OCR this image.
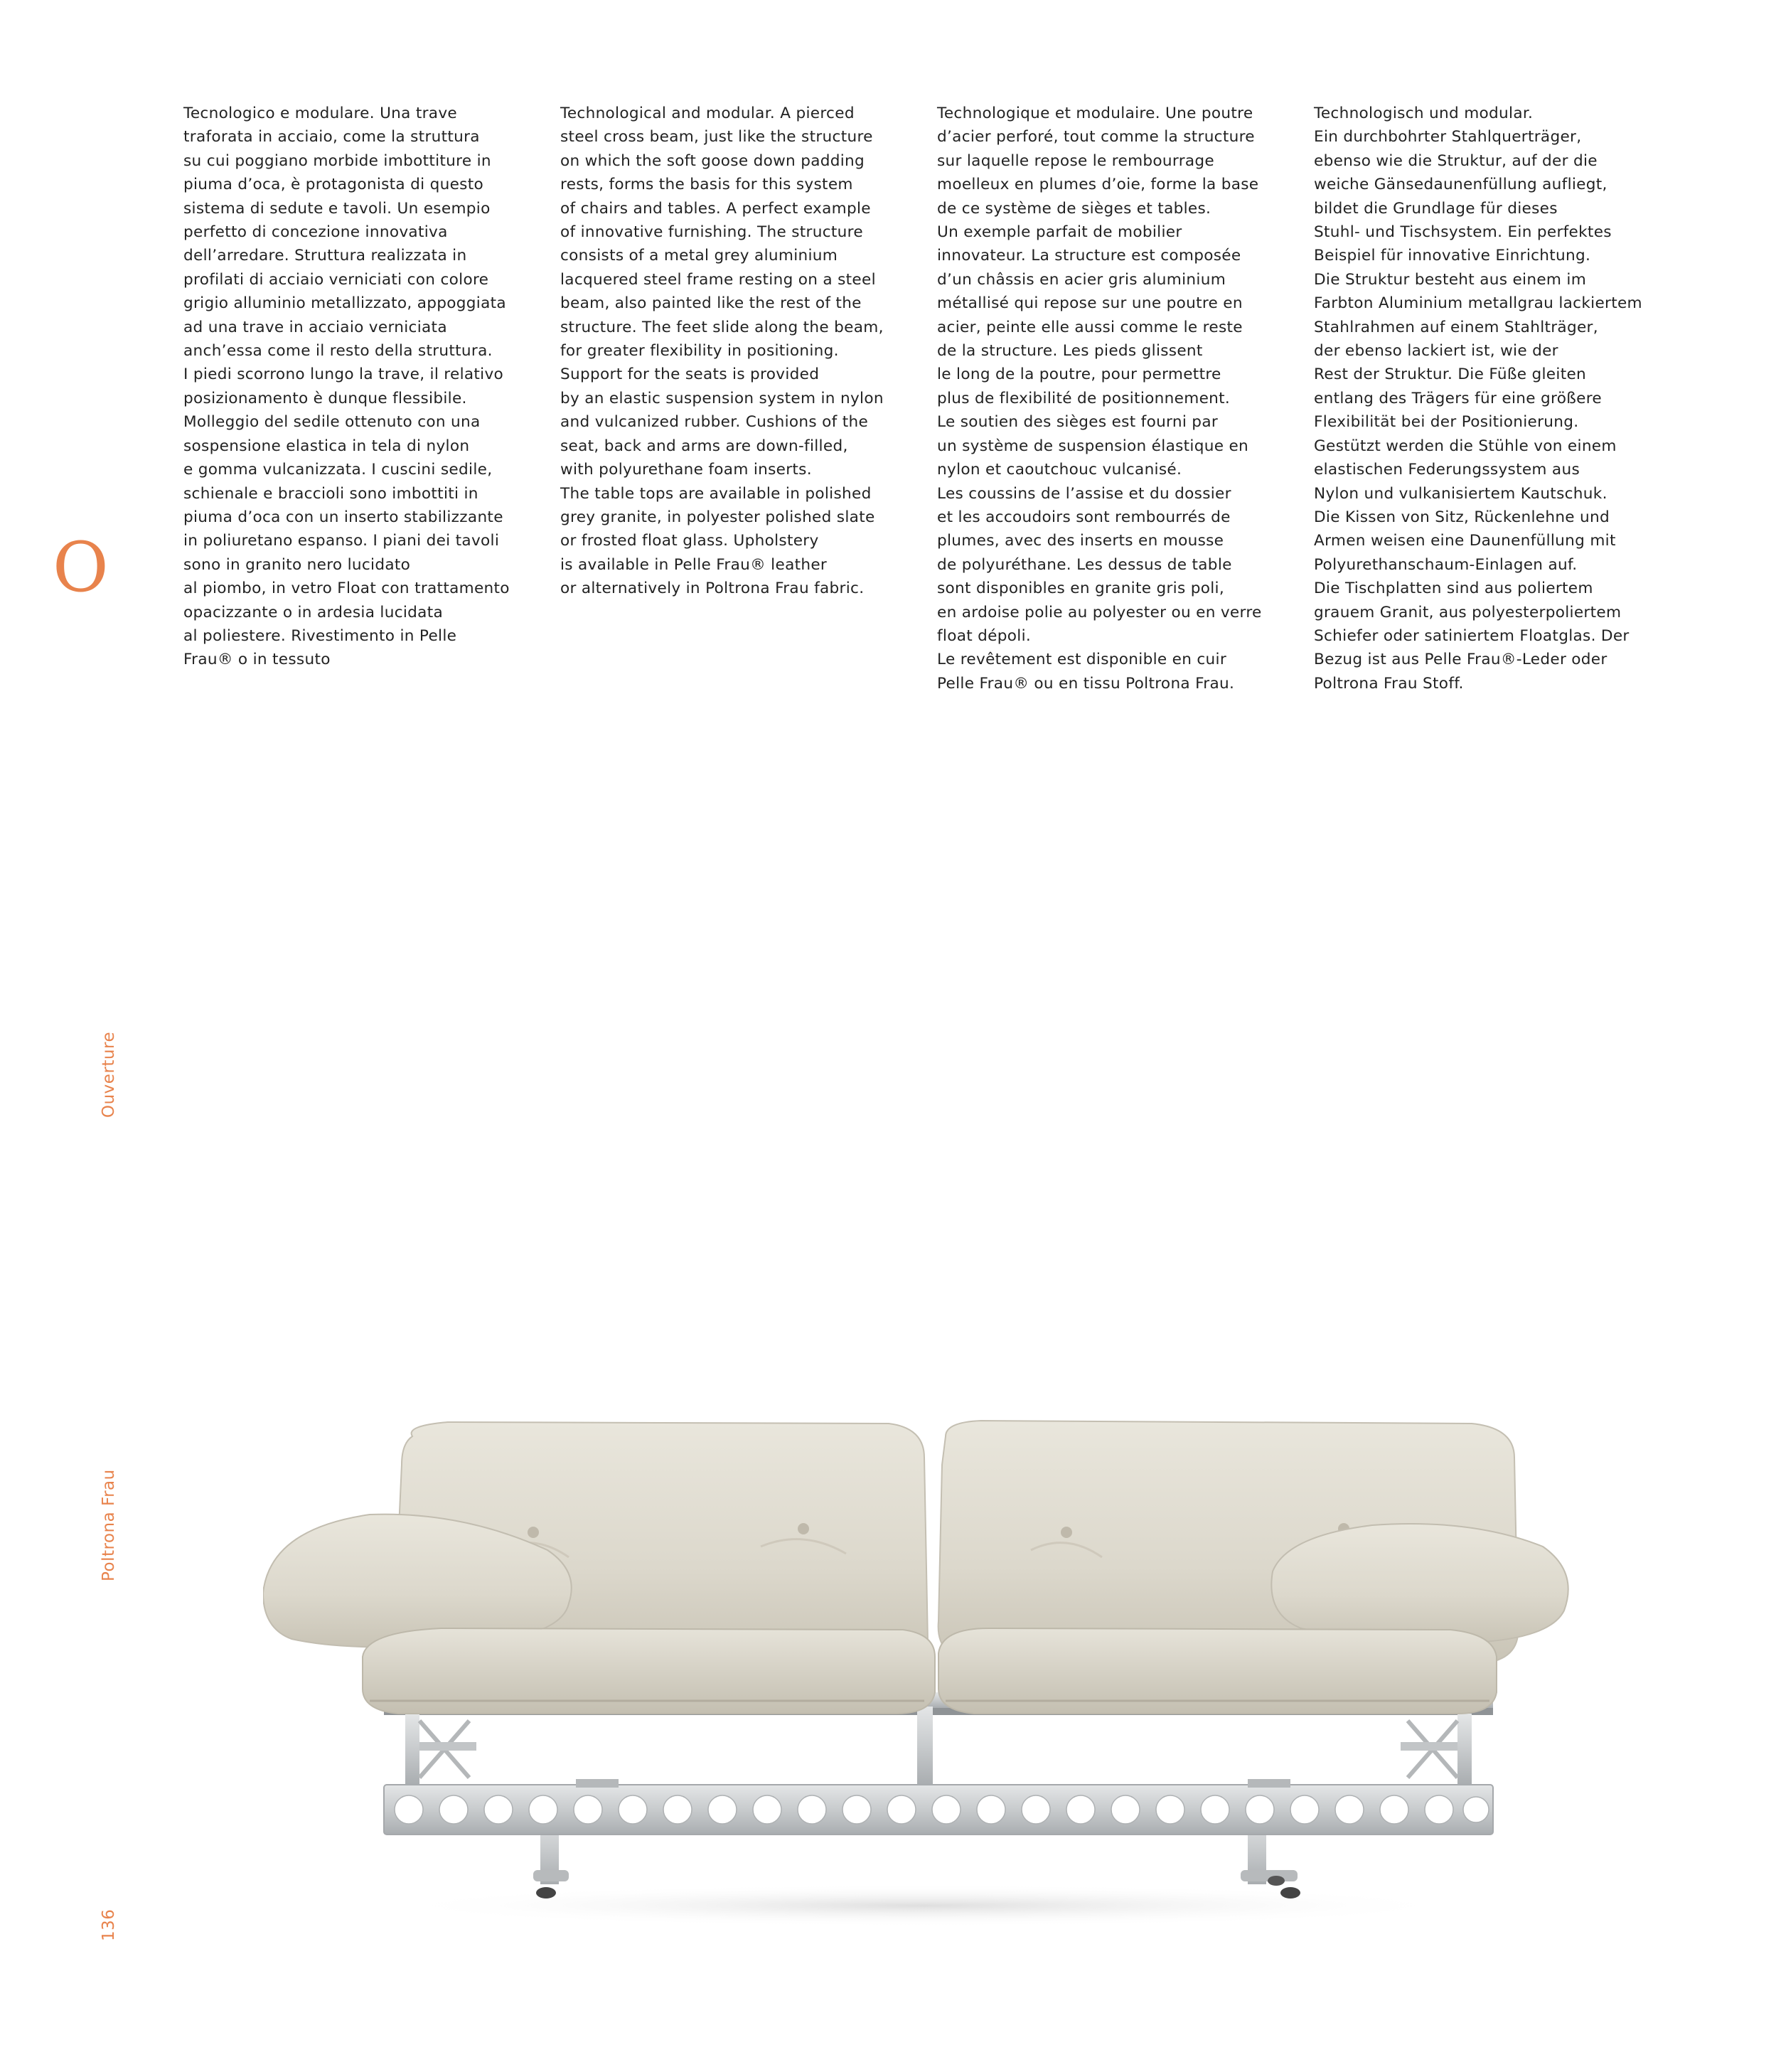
Tecnologico e modulare. Una trave
traforata in acciaio, come la struttura
su cui poggiano morbide imbottiture in
piuma d’oca, è protagonista di questo
sistema di sedute e tavoli. Un esempio
perfetto di concezione innovativa
dell’arredare. Struttura realizzata in
profilati di acciaio verniciati con colore
grigio alluminio metallizzato, appoggiata
ad una trave in acciaio verniciata
anch’essa come il resto della struttura.
I piedi scorrono lungo la trave, il relativo
posizionamento è dunque flessibile.
Molleggio del sedile ottenuto con una
sospensione elastica in tela di nylon
e gomma vulcanizzata. I cuscini sedile,
schienale e braccioli sono imbottiti in
piuma d’oca con un inserto stabilizzante
in poliuretano espanso. I piani dei tavoli
sono in granito nero lucidato
al piombo, in vetro Float con trattamento
opacizzante o in ardesia lucidata
al poliestere. Rivestimento in Pelle
Frau® o in tessuto
Technological and modular. A pierced
steel cross beam, just like the structure
on which the soft goose down padding
rests, forms the basis for this system
of chairs and tables. A perfect example
of innovative furnishing. The structure
consists of a metal grey aluminium
lacquered steel frame resting on a steel
beam, also painted like the rest of the
structure. The feet slide along the beam,
for greater flexibility in positioning.
Support for the seats is provided
by an elastic suspension system in nylon
and vulcanized rubber. Cushions of the
seat, back and arms are down-filled,
with polyurethane foam inserts.
The table tops are available in polished
grey granite, in polyester polished slate
or frosted float glass. Upholstery
is available in Pelle Frau® leather
or alternatively in Poltrona Frau fabric.
Technologique et modulaire. Une poutre
d’acier perforé, tout comme la structure
sur laquelle repose le rembourrage
moelleux en plumes d’oie, forme la base
de ce système de sièges et tables.
Un exemple parfait de mobilier
innovateur. La structure est composée
d’un châssis en acier gris aluminium
métallisé qui repose sur une poutre en
acier, peinte elle aussi comme le reste
de la structure. Les pieds glissent
le long de la poutre, pour permettre
plus de flexibilité de positionnement.
Le soutien des sièges est fourni par
un système de suspension élastique en
nylon et caoutchouc vulcanisé.
Les coussins de l’assise et du dossier
et les accoudoirs sont rembourrés de
plumes, avec des inserts en mousse
de polyuréthane. Les dessus de table
sont disponibles en granite gris poli,
en ardoise polie au polyester ou en verre
float dépoli.
Le revêtement est disponible en cuir
Pelle Frau® ou en tissu Poltrona Frau.
Technologisch und modular.
Ein durchbohrter Stahlquerträger,
ebenso wie die Struktur, auf der die
weiche Gänsedaunenfüllung aufliegt,
bildet die Grundlage für dieses
Stuhl- und Tischsystem. Ein perfektes
Beispiel für innovative Einrichtung.
Die Struktur besteht aus einem im
Farbton Aluminium metallgrau lackiertem
Stahlrahmen auf einem Stahlträger,
der ebenso lackiert ist, wie der
Rest der Struktur. Die Füße gleiten
entlang des Trägers für eine größere
Flexibilität bei der Positionierung.
Gestützt werden die Stühle von einem
elastischen Federungssystem aus
Nylon und vulkanisiertem Kautschuk.
Die Kissen von Sitz, Rückenlehne und
Armen weisen eine Daunenfüllung mit
Polyurethanschaum-Einlagen auf.
Die Tischplatten sind aus poliertem
grauem Granit, aus polyesterpoliertem
Schiefer oder satiniertem Floatglas. Der
Bezug ist aus Pelle Frau®-Leder oder
Poltrona Frau Stoff.
O
Ouverture
Poltrona Frau
136
